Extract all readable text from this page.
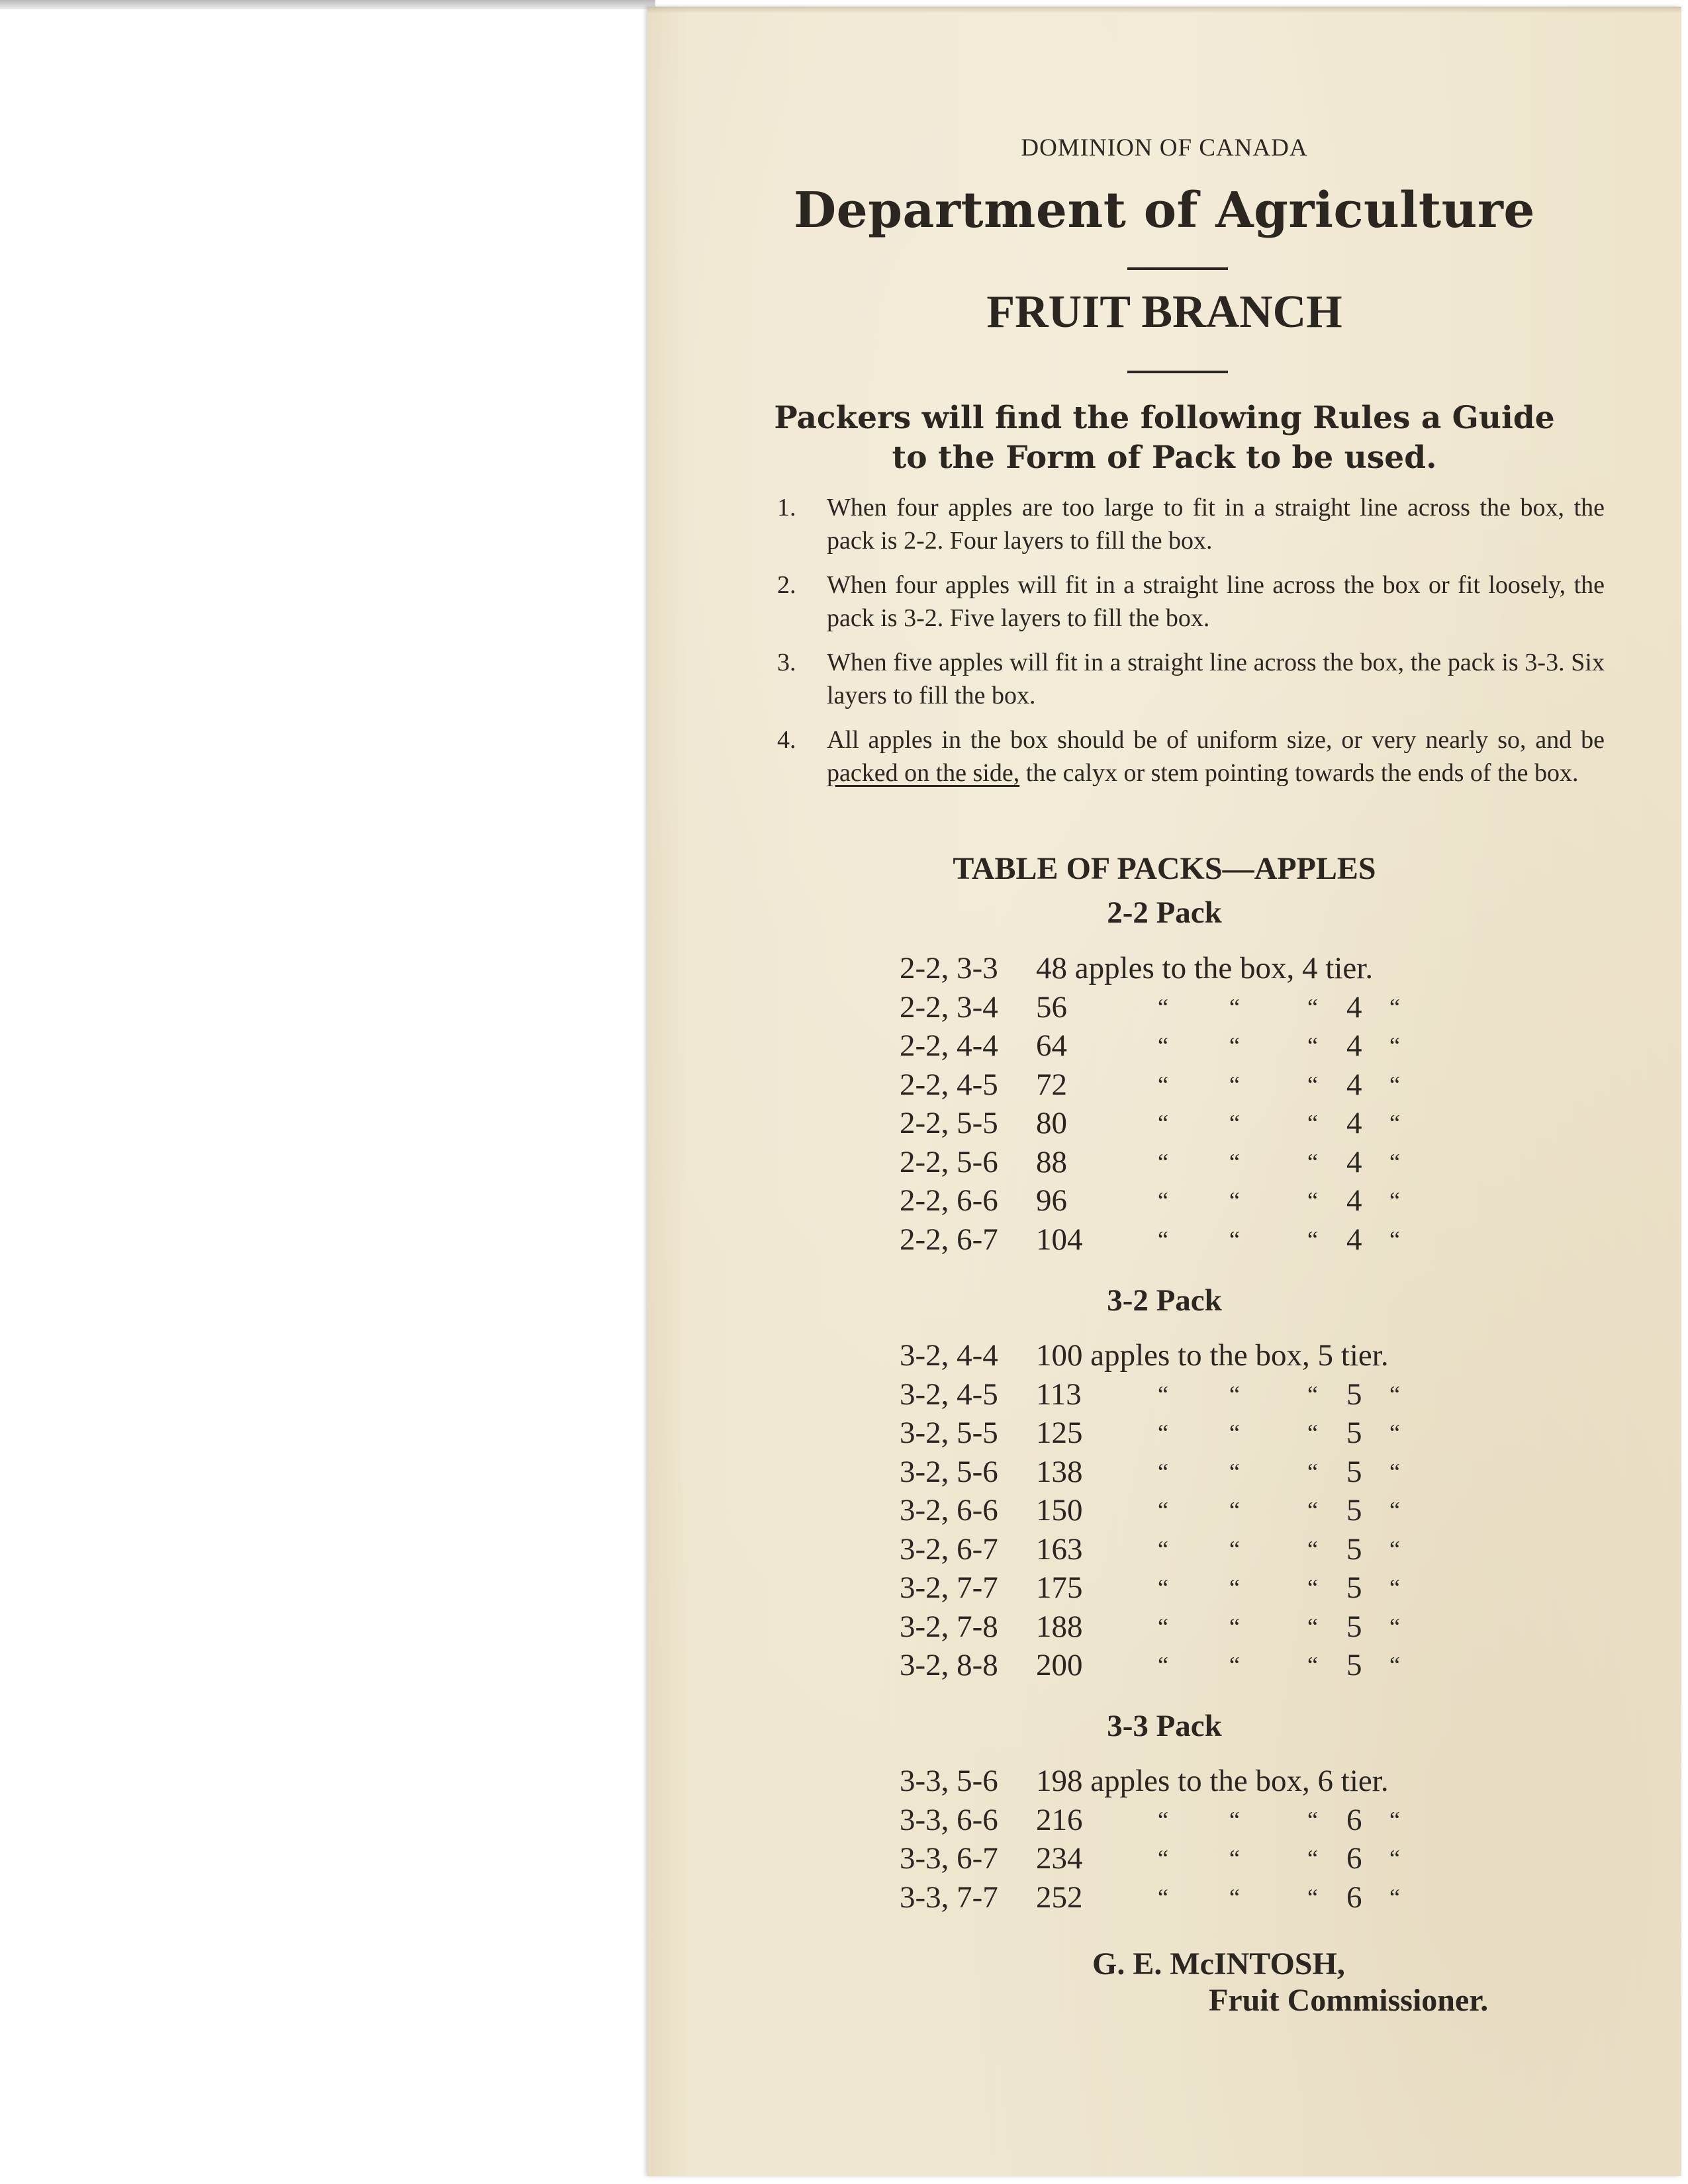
DOMINION OF CANADA
Department of Agriculture
FRUIT BRANCH
Packers will find the following Rules a Guide
to the Form of Pack to be used.
1. When four apples are too large to fit in a straight line across the box, the pack is 2-2. Four layers to fill the box.
2. When four apples will fit in a straight line across the box or fit loosely, the pack is 3-2. Five layers to fill the box.
3. When five apples will fit in a straight line across the box, the pack is 3-3. Six layers to fill the box.
4. All apples in the box should be of uniform size, or very nearly so, and be packed on the side, the calyx or stem pointing towards the ends of the box.
TABLE OF PACKS—APPLES
2-2 Pack
2-2, 3-3 48 apples to the box, 4 tier.
2-2, 3-4 56	“	“	“ 4 “
2-2, 4-4 64	“	“	“ 4 “
2-2, 4-5 72	“	“	“ 4 “
2-2, 5-5 80	“	“	“ 4 “
2-2, 5-6 88	“	“	“ 4 “
2-2, 6-6 96	“	“	“ 4 “
2-2, 6-7 104	“	“	“ 4 “
3-2 Pack
3-2, 4-4 100 apples to the box, 5 tier.
3-2, 4-5 113	“	“	“ 5 “
3-2, 5-5 125	“	“	“ 5 “
3-2, 5-6 138	“	“	“ 5 “
3-2, 6-6 150	“	“	“ 5 “
3-2, 6-7 163	“	“	“ 5 “
3-2, 7-7 175	“	“	“ 5 “
3-2, 7-8 188	“	“	“ 5 “
3-2, 8-8 200	“	“	“ 5 “
3-3 Pack
3-3, 5-6 198 apples to the box, 6 tier.
3-3, 6-6 216	“	“	“ 6 “
3-3, 6-7 234	“	“	“ 6 “
3-3, 7-7 252	“	“	“ 6 “
G. E. McINTOSH,
Fruit Commissioner.
